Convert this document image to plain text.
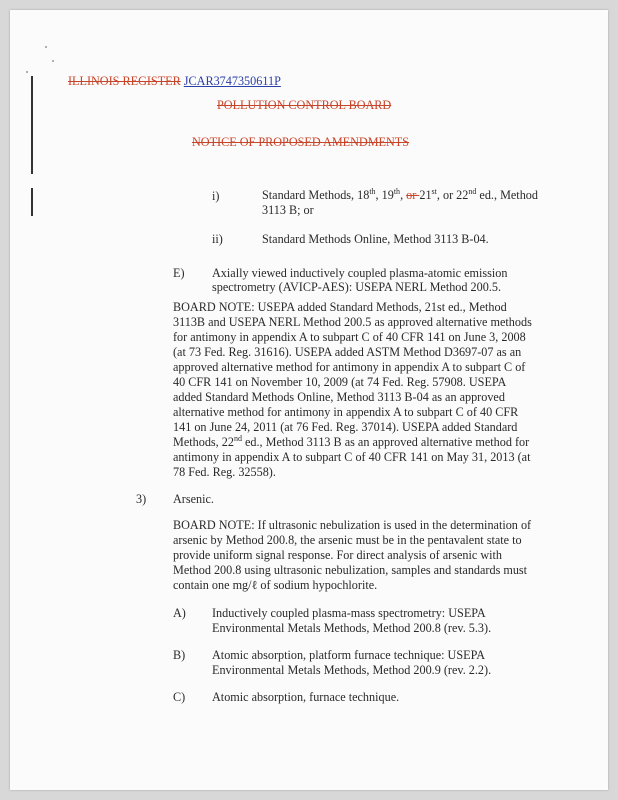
ILLINOIS REGISTER JCAR3747350611P
POLLUTION CONTROL BOARD
NOTICE OF PROPOSED AMENDMENTS
i)	Standard Methods, 18th, 19th, or 21st, or 22nd ed., Method
3113 B; or
ii)	Standard Methods Online, Method 3113 B-04.
E) Axially viewed inductively coupled plasma-atomic emission
spectrometry (AVICP-AES): USEPA NERL Method 200.5.
BOARD NOTE: USEPA added Standard Methods, 21st ed., Method
3113B and USEPA NERL Method 200.5 as approved alternative methods
for antimony in appendix A to subpart C of 40 CFR 141 on June 3, 2008
(at 73 Fed. Reg. 31616). USEPA added ASTM Method D3697-07 as an
approved alternative method for antimony in appendix A to subpart C of
40 CFR 141 on November 10, 2009 (at 74 Fed. Reg. 57908. USEPA
added Standard Methods Online, Method 3113 B-04 as an approved
alternative method for antimony in appendix A to subpart C of 40 CFR
141 on June 24, 2011 (at 76 Fed. Reg. 37014). USEPA added Standard
Methods, 22nd ed., Method 3113 B as an approved alternative method for
antimony in appendix A to subpart C of 40 CFR 141 on May 31, 2013 (at
78 Fed. Reg. 32558).
3) Arsenic.
BOARD NOTE: If ultrasonic nebulization is used in the determination of
arsenic by Method 200.8, the arsenic must be in the pentavalent state to
provide uniform signal response. For direct analysis of arsenic with
Method 200.8 using ultrasonic nebulization, samples and standards must
contain one mg/ℓ of sodium hypochlorite.
A) Inductively coupled plasma-mass spectrometry: USEPA
Environmental Metals Methods, Method 200.8 (rev. 5.3).
B) Atomic absorption, platform furnace technique: USEPA
Environmental Metals Methods, Method 200.9 (rev. 2.2).
C) Atomic absorption, furnace technique.
